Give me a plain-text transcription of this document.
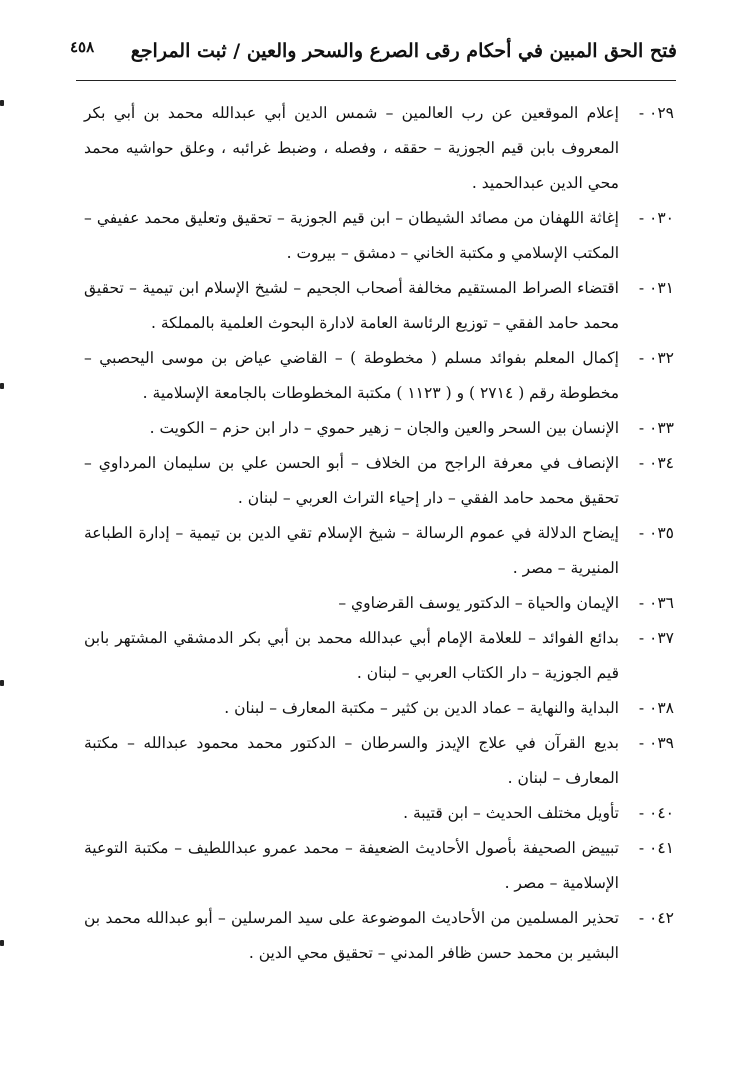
فتح الحق المبين في أحكام رقى الصرع والسحر والعين / ثبت المراجع
٤٥٨
٠٢٩ -
إعلام الموقعين عن رب العالمين – شمس الدين أبي عبدالله محمد بن أبي بكر المعروف بابن قيم الجوزية – حققه ، وفصله ، وضبط غرائبه ، وعلق حواشيه محمد محي الدين عبدالحميد .
٠٣٠ -
إغاثة اللهفان من مصائد الشيطان – ابن قيم الجوزية – تحقيق وتعليق محمد عفيفي – المكتب الإسلامي و مكتبة الخاني – دمشق – بيروت .
٠٣١ -
اقتضاء الصراط المستقيم مخالفة أصحاب الجحيم – لشيخ الإسلام ابن تيمية – تحقيق محمد حامد الفقي – توزيع الرئاسة العامة لادارة البحوث العلمية بالمملكة .
٠٣٢ -
إكمال المعلم بفوائد مسلم ( مخطوطة ) – القاضي عياض بن موسى اليحصبي – مخطوطة رقم ( ٢٧١٤ ) و ( ١١٢٣ ) مكتبة المخطوطات بالجامعة الإسلامية .
٠٣٣ -
الإنسان بين السحر والعين والجان – زهير حموي – دار ابن حزم – الكويت .
٠٣٤ -
الإنصاف في معرفة الراجح من الخلاف – أبو الحسن علي بن سليمان المرداوي – تحقيق محمد حامد الفقي – دار إحياء التراث العربي – لبنان .
٠٣٥ -
إيضاح الدلالة في عموم الرسالة – شيخ الإسلام تقي الدين بن تيمية – إدارة الطباعة المنيرية – مصر .
٠٣٦ -
الإيمان والحياة – الدكتور يوسف القرضاوي –
٠٣٧ -
بدائع الفوائد – للعلامة الإمام أبي عبدالله محمد بن أبي بكر الدمشقي المشتهر بابن قيم الجوزية – دار الكتاب العربي – لبنان .
٠٣٨ -
البداية والنهاية – عماد الدين بن كثير – مكتبة المعارف – لبنان .
٠٣٩ -
بديع القرآن في علاج الإيدز والسرطان – الدكتور محمد محمود عبدالله – مكتبة المعارف – لبنان .
٠٤٠ -
تأويل مختلف الحديث – ابن قتيبة .
٠٤١ -
تبييض الصحيفة بأصول الأحاديث الضعيفة – محمد عمرو عبداللطيف – مكتبة التوعية الإسلامية – مصر .
٠٤٢ -
تحذير المسلمين من الأحاديث الموضوعة على سيد المرسلين – أبو عبدالله محمد بن البشير بن محمد حسن ظافر المدني – تحقيق محي الدين .
